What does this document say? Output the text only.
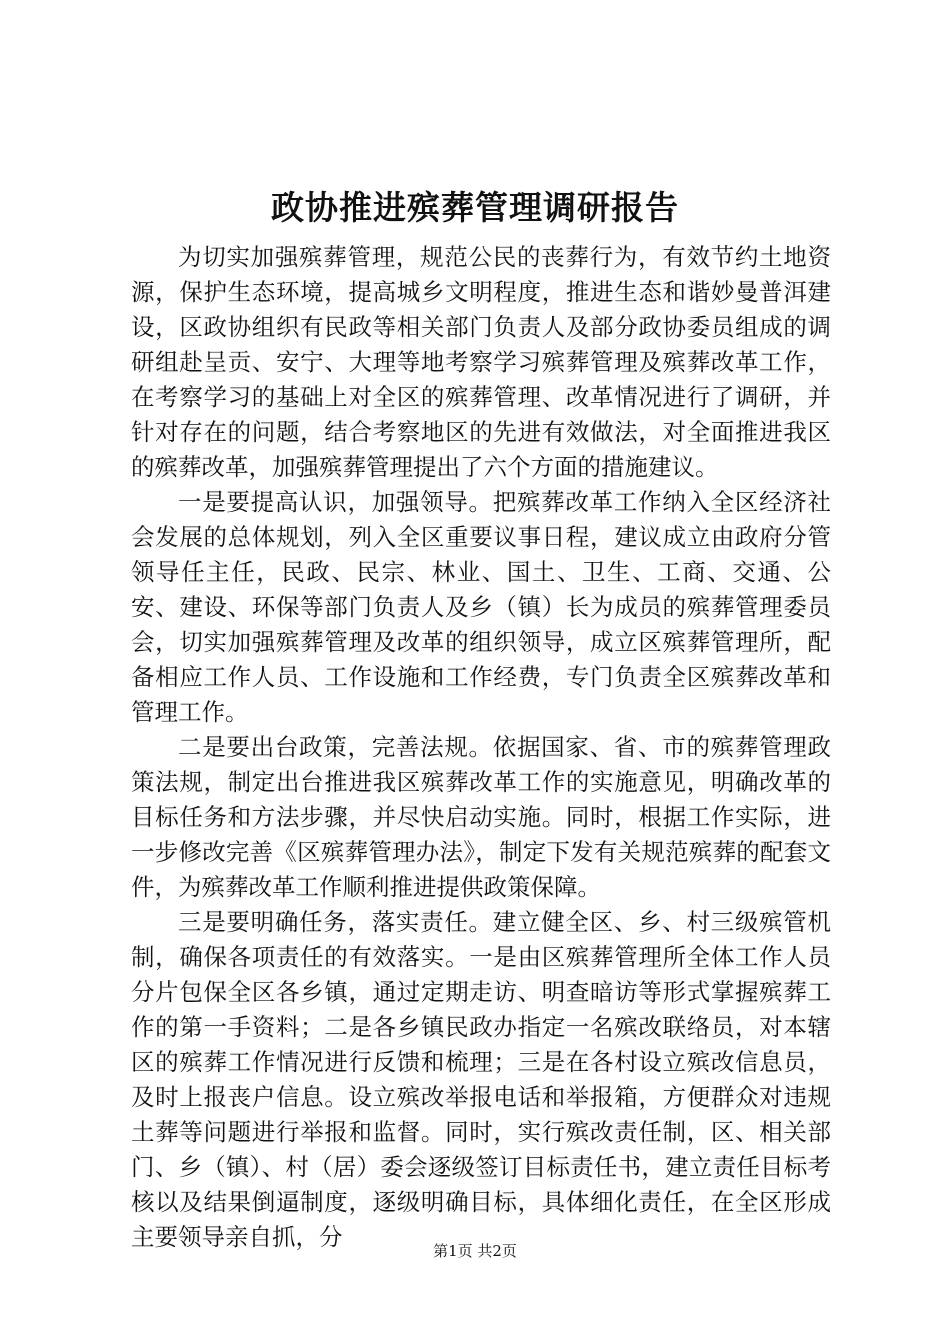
政协推进殡葬管理调研报告

为切实加强殡葬管理，规范公民的丧葬行为，有效节约土地资源，保护生态环境，提高城乡文明程度，推进生态和谐妙曼普洱建设，区政协组织有民政等相关部门负责人及部分政协委员组成的调研组赴呈贡、安宁、大理等地考察学习殡葬管理及殡葬改革工作，在考察学习的基础上对全区的殡葬管理、改革情况进行了调研，并针对存在的问题，结合考察地区的先进有效做法，对全面推进我区的殡葬改革，加强殡葬管理提出了六个方面的措施建议。

一是要提高认识，加强领导。把殡葬改革工作纳入全区经济社会发展的总体规划，列入全区重要议事日程，建议成立由政府分管领导任主任，民政、民宗、林业、国土、卫生、工商、交通、公安、建设、环保等部门负责人及乡（镇）长为成员的殡葬管理委员会，切实加强殡葬管理及改革的组织领导，成立区殡葬管理所，配备相应工作人员、工作设施和工作经费，专门负责全区殡葬改革和管理工作。

二是要出台政策，完善法规。依据国家、省、市的殡葬管理政策法规，制定出台推进我区殡葬改革工作的实施意见，明确改革的目标任务和方法步骤，并尽快启动实施。同时，根据工作实际，进一步修改完善《区殡葬管理办法》，制定下发有关规范殡葬的配套文件，为殡葬改革工作顺利推进提供政策保障。

三是要明确任务，落实责任。建立健全区、乡、村三级殡管机制，确保各项责任的有效落实。一是由区殡葬管理所全体工作人员分片包保全区各乡镇，通过定期走访、明查暗访等形式掌握殡葬工作的第一手资料；二是各乡镇民政办指定一名殡改联络员，对本辖区的殡葬工作情况进行反馈和梳理；三是在各村设立殡改信息员，及时上报丧户信息。设立殡改举报电话和举报箱，方便群众对违规土葬等问题进行举报和监督。同时，实行殡改责任制，区、相关部门、乡（镇）、村（居）委会逐级签订目标责任书，建立责任目标考核以及结果倒逼制度，逐级明确目标，具体细化责任，在全区形成主要领导亲自抓，分	第1页 共2页
